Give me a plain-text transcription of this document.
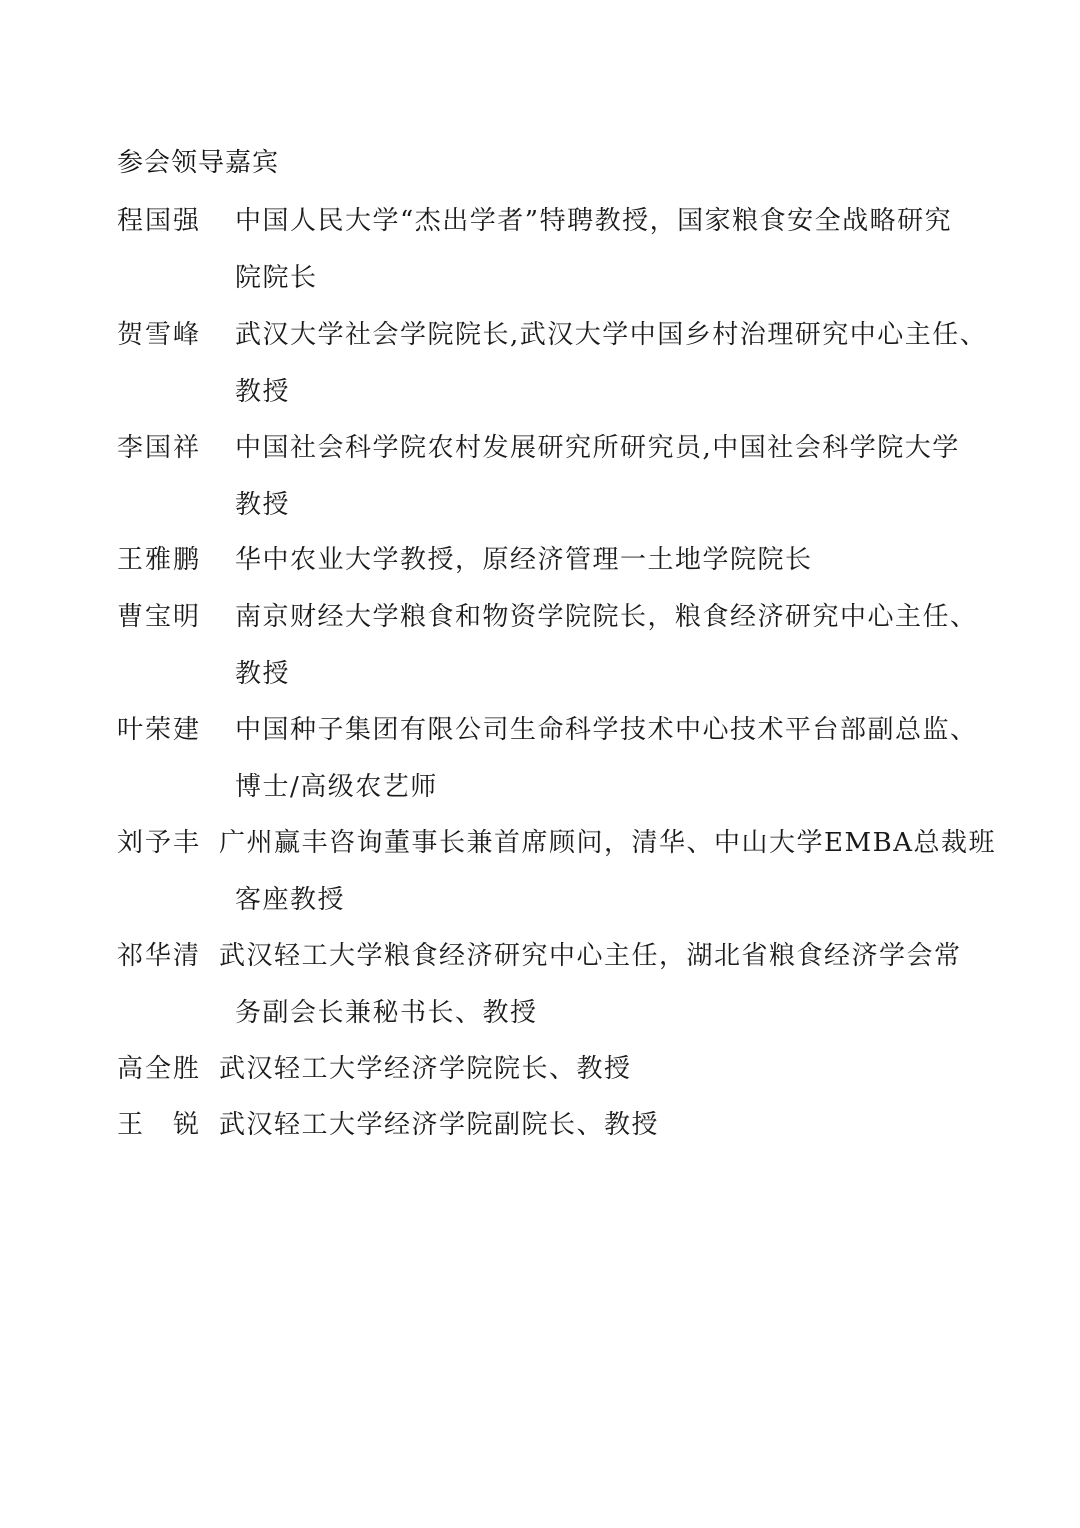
参会领导嘉宾
程国强 中国人民大学“杰出学者”特聘教授，国家粮食安全战略研究
院院长
贺雪峰 武汉大学社会学院院长,武汉大学中国乡村治理研究中心主任、
教授
李国祥 中国社会科学院农村发展研究所研究员,中国社会科学院大学
教授
王雅鹏 华中农业大学教授，原经济管理一土地学院院长
曹宝明 南京财经大学粮食和物资学院院长，粮食经济研究中心主任、
教授
叶荣建 中国种子集团有限公司生命科学技术中心技术平台部副总监、
博士/高级农艺师
刘予丰 广州赢丰咨询董事长兼首席顾问，清华、中山大学EMBA总裁班
客座教授
祁华清 武汉轻工大学粮食经济研究中心主任，湖北省粮食经济学会常
务副会长兼秘书长、教授
高全胜 武汉轻工大学经济学院院长、教授
王　锐 武汉轻工大学经济学院副院长、教授
